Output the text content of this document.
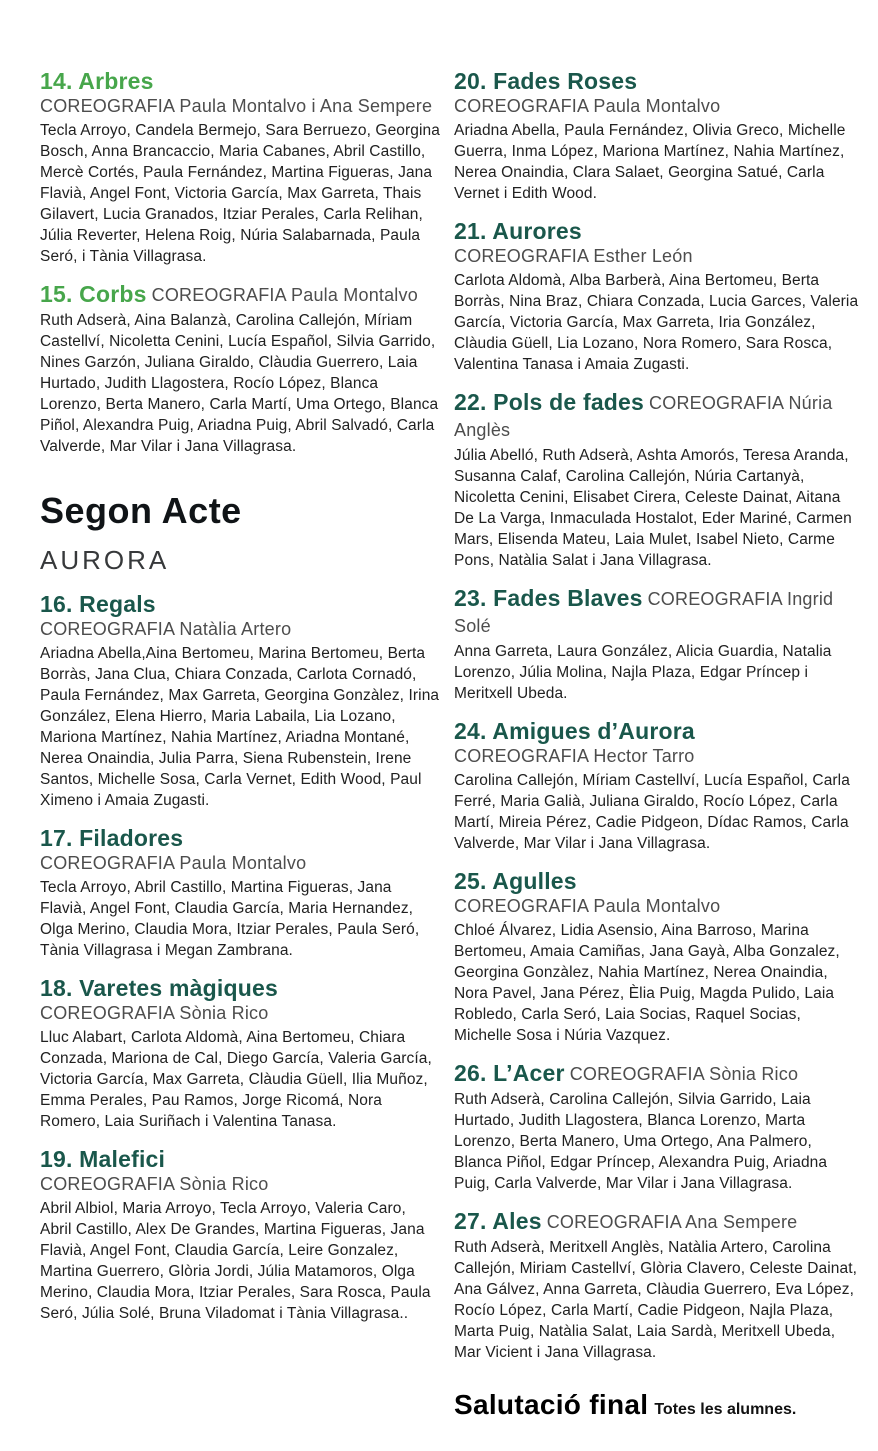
14. Arbres
COREOGRAFIA Paula Montalvo i Ana Sempere

Tecla Arroyo, Candela Bermejo, Sara Berruezo, Georgina Bosch, Anna Brancaccio, Maria Cabanes, Abril Castillo, Mercè Cortés, Paula Fernández, Martina Figueras, Jana Flavià, Angel Font, Victoria García, Max Garreta, Thais Gilavert, Lucia Granados, Itziar Perales, Carla Relihan, Júlia Reverter, Helena Roig, Núria Salabarnada, Paula Seró, i Tània Villagrasa.

15. Corbs COREOGRAFIA Paula Montalvo

Ruth Adserà, Aina Balanzà, Carolina Callejón, Míriam Castellví, Nicoletta Cenini, Lucía Español, Silvia Garrido, Nines Garzón, Juliana Giraldo, Clàudia Guerrero, Laia Hurtado, Judith Llagostera, Rocío López, Blanca Lorenzo, Berta Manero, Carla Martí, Uma Ortego, Blanca Piñol, Alexandra Puig, Ariadna Puig, Abril Salvadó, Carla Valverde, Mar Vilar i Jana Villagrasa.

Segon Acte
AURORA
16. Regals
COREOGRAFIA Natàlia Artero

Ariadna Abella,Aina Bertomeu, Marina Bertomeu, Berta Borràs, Jana Clua, Chiara Conzada, Carlota Cornadó, Paula Fernández, Max Garreta, Georgina Gonzàlez, Irina González, Elena Hierro, Maria Labaila, Lia Lozano, Mariona Martínez, Nahia Martínez, Ariadna Montané, Nerea Onaindia, Julia Parra, Siena Rubenstein, Irene Santos, Michelle Sosa, Carla Vernet, Edith Wood, Paul Ximeno i Amaia Zugasti.

17. Filadores
COREOGRAFIA Paula Montalvo

Tecla Arroyo, Abril Castillo, Martina Figueras, Jana Flavià, Angel Font, Claudia García, Maria Hernandez, Olga Merino, Claudia Mora, Itziar Perales, Paula Seró, Tània Villagrasa i Megan Zambrana.

18. Varetes màgiques
COREOGRAFIA Sònia Rico

Lluc Alabart, Carlota Aldomà, Aina Bertomeu, Chiara Conzada, Mariona de Cal, Diego García, Valeria García, Victoria García, Max Garreta, Clàudia Güell, Ilia Muñoz, Emma Perales, Pau Ramos, Jorge Ricomá, Nora Romero, Laia Suriñach i Valentina Tanasa.

19. Malefici
COREOGRAFIA Sònia Rico

Abril Albiol, Maria Arroyo, Tecla Arroyo, Valeria Caro, Abril Castillo, Alex De Grandes, Martina Figueras, Jana Flavià, Angel Font, Claudia García, Leire Gonzalez, Martina Guerrero, Glòria Jordi, Júlia Matamoros, Olga Merino, Claudia Mora, Itziar Perales, Sara Rosca, Paula Seró, Júlia Solé, Bruna Viladomat i Tània Villagrasa..

20. Fades Roses
COREOGRAFIA Paula Montalvo

Ariadna Abella, Paula Fernández, Olivia Greco, Michelle Guerra, Inma López, Mariona Martínez, Nahia Martínez, Nerea Onaindia, Clara Salaet, Georgina Satué, Carla Vernet i Edith Wood.

21. Aurores
COREOGRAFIA Esther León

Carlota Aldomà, Alba Barberà, Aina Bertomeu, Berta Borràs, Nina Braz, Chiara Conzada, Lucia Garces, Valeria García, Victoria García, Max Garreta, Iria González, Clàudia Güell, Lia Lozano, Nora Romero, Sara Rosca, Valentina Tanasa i Amaia Zugasti.

22. Pols de fades COREOGRAFIA Núria Anglès

Júlia Abelló, Ruth Adserà, Ashta Amorós, Teresa Aranda, Susanna Calaf, Carolina Callejón, Núria Cartanyà, Nicoletta Cenini, Elisabet Cirera, Celeste Dainat, Aitana De La Varga, Inmaculada Hostalot, Eder Mariné, Carmen Mars, Elisenda Mateu, Laia Mulet, Isabel Nieto, Carme Pons, Natàlia Salat i Jana Villagrasa.

23. Fades Blaves COREOGRAFIA Ingrid Solé

Anna Garreta, Laura González, Alicia Guardia, Natalia Lorenzo, Júlia Molina, Najla Plaza, Edgar Príncep i Meritxell Ubeda.

24. Amigues d’Aurora
COREOGRAFIA Hector Tarro

Carolina Callejón, Míriam Castellví, Lucía Español, Carla Ferré, Maria Galià, Juliana Giraldo, Rocío López, Carla Martí, Mireia Pérez, Cadie Pidgeon, Dídac Ramos, Carla Valverde, Mar Vilar i Jana Villagrasa.

25. Agulles
COREOGRAFIA Paula Montalvo

Chloé Álvarez, Lidia Asensio, Aina Barroso, Marina Bertomeu, Amaia Camiñas, Jana Gayà, Alba Gonzalez, Georgina Gonzàlez, Nahia Martínez, Nerea Onaindia, Nora Pavel, Jana Pérez, Èlia Puig, Magda Pulido, Laia Robledo, Carla Seró, Laia Socias, Raquel Socias, Michelle Sosa i Núria Vazquez.

26. L’Acer COREOGRAFIA Sònia Rico

Ruth Adserà, Carolina Callejón, Silvia Garrido, Laia Hurtado, Judith Llagostera, Blanca Lorenzo, Marta Lorenzo, Berta Manero, Uma Ortego, Ana Palmero, Blanca Piñol, Edgar Príncep, Alexandra Puig, Ariadna Puig, Carla Valverde, Mar Vilar i Jana Villagrasa.

27. Ales COREOGRAFIA Ana Sempere

Ruth Adserà, Meritxell Anglès, Natàlia Artero, Carolina Callejón, Miriam Castellví, Glòria Clavero, Celeste Dainat, Ana Gálvez, Anna Garreta, Clàudia Guerrero, Eva López, Rocío López, Carla Martí, Cadie Pidgeon, Najla Plaza, Marta Puig, Natàlia Salat, Laia Sardà, Meritxell Ubeda, Mar Vicient i Jana Villagrasa.

Salutació final Totes les alumnes.
